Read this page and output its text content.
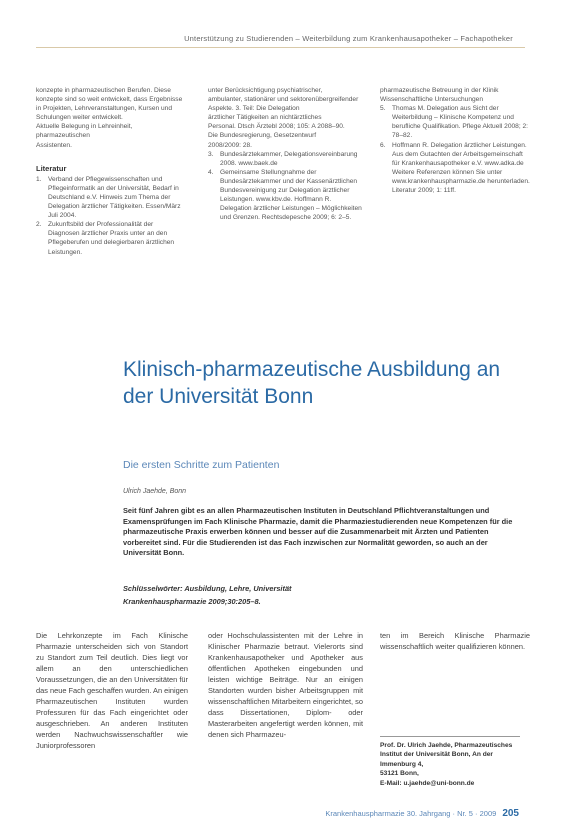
Unterstützung zu Studierenden – Weiterbildung zum Krankenhausapotheker – Fachapotheker

konzepte in pharmazeutischen Berufen. Diese

konzepte sind so weit entwickelt, dass Ergebnisse

in Projekten, Lehrveranstaltungen, Kursen und

Schulungen weiter entwickelt.

Aktuelle Belegung in Lehreinheit, pharmazeutischen

Assistenten.

Literatur
1. Verband der Pflegewissenschaften und Pflegeinformatik an der Universität, Bedarf in Deutschland e.V. Hinweis zum Thema der Delegation ärztlicher Tätigkeiten. Essen/März Juli 2004.
2. Zukunftsbild der Professionalität der Diagnosen ärztlicher Praxis unter an den Pflegeberufen und delegierbaren ärztlichen Leistungen.

unter Berücksichtigung psychiatrischer,

ambulanter, stationärer und sektorenübergreifender

Aspekte. 3. Teil: Die Delegation

ärztlicher Tätigkeiten an nichtärztliches

Personal. Dtsch Ärztebl 2008; 105: A 2088–90.

Die Bundesregierung, Gesetzentwurf

2008/2009: 28.

3. Bundesärztekammer, Delegationsvereinbarung 2008. www.baek.de
4. Gemeinsame Stellungnahme der Bundesärztekammer und der Kassenärztlichen Bundesvereinigung zur Delegation ärztlicher Leistungen. www.kbv.de. Hoffmann R. Delegation ärztlicher Leistungen – Möglichkeiten und Grenzen. Rechtsdepesche 2009; 6: 2–5.

pharmazeutische Betreuung in der Klinik

Wissenschaftliche Untersuchungen

5. Thomas M. Delegation aus Sicht der Weiterbildung – Klinische Kompetenz und berufliche Qualifikation. Pflege Aktuell 2008; 2: 78–82.
6. Hoffmann R. Delegation ärztlicher Leistungen. Aus dem Gutachten der Arbeitsgemeinschaft für Krankenhausapotheker e.V. www.adka.de
Weitere Referenzen können Sie unter www.krankenhauspharmazie.de herunterladen. Literatur 2009; 1: 11ff.
Klinisch-pharmazeutische Ausbildung an der Universität Bonn
Die ersten Schritte zum Patienten
Ulrich Jaehde, Bonn

Seit fünf Jahren gibt es an allen Pharmazeutischen Instituten in Deutschland Pflichtveranstaltungen und Examensprüfungen im Fach Klinische Pharmazie, damit die Pharmaziestudierenden neue Kompetenzen für die pharmazeutische Praxis erwerben können und besser auf die Zusammenarbeit mit Ärzten und Patienten vorbereitet sind. Für die Studierenden ist das Fach inzwischen zur Normalität geworden, so auch an der Universität Bonn.

Schlüsselwörter: Ausbildung, Lehre, Universität
Krankenhauspharmazie 2009;30:205–8.

Die Lehrkonzepte im Fach Klinische Pharmazie unterscheiden sich von Standort zu Standort zum Teil deutlich. Dies liegt vor allem an den unterschiedlichen Voraussetzungen, die an den Universitäten für das neue Fach geschaffen wurden. An einigen Pharmazeutischen Instituten wurden Professuren für das Fach eingerichtet oder ausgeschrieben. An anderen Instituten werden Nachwuchswissenschaftler wie Juniorprofessoren

oder Hochschulassistenten mit der Lehre in Klinischer Pharmazie betraut. Vielerorts sind Krankenhausapotheker und Apotheker aus öffentlichen Apotheken eingebunden und leisten wichtige Beiträge. Nur an einigen Standorten wurden bisher Arbeitsgruppen mit wissenschaftlichen Mitarbeitern eingerichtet, so dass Dissertationen, Diplom- oder Masterarbeiten angefertigt werden können, mit denen sich Pharmazeu-

ten im Bereich Klinische Pharmazie wissenschaftlich weiter qualifizieren können.

Prof. Dr. Ulrich Jaehde, Pharmazeutisches Institut der Universität Bonn, An der Immenburg 4,

53121 Bonn,

E-Mail: u.jaehde@uni-bonn.de

Krankenhauspharmazie 30. Jahrgang · Nr. 5 · 2009 205
